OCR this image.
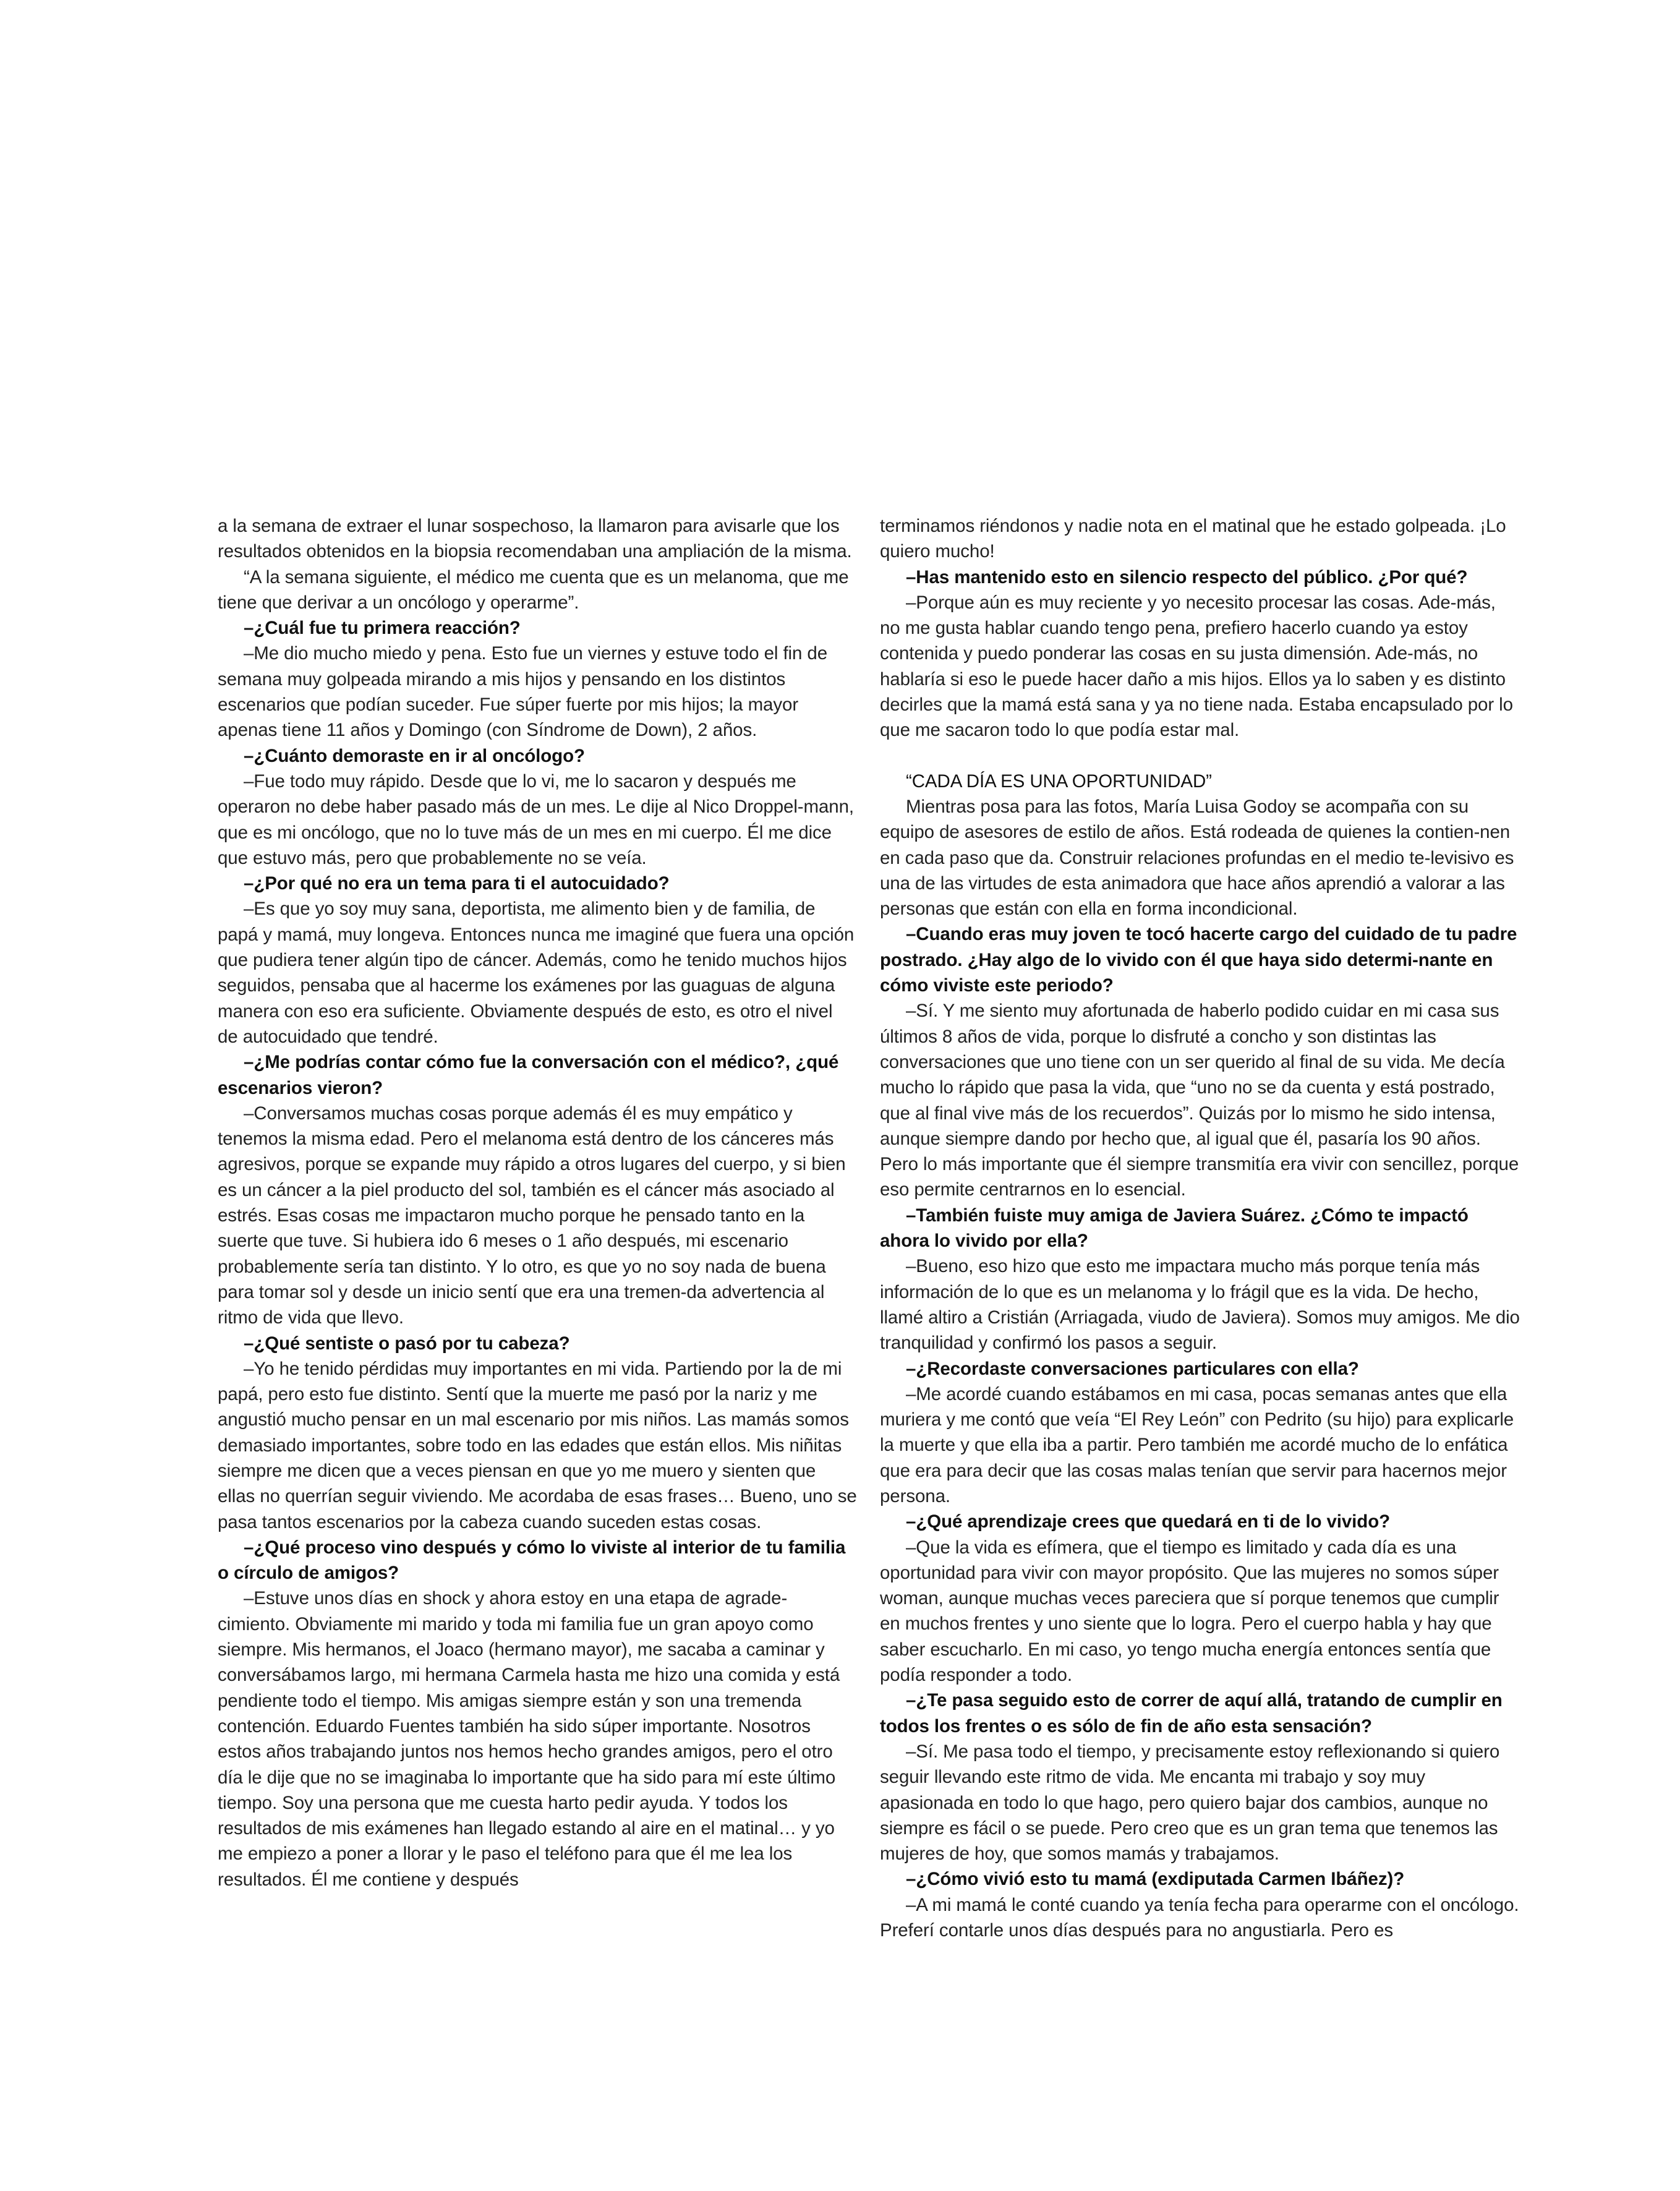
a la semana de extraer el lunar sospechoso, la llamaron para avisarle que los resultados obtenidos en la biopsia recomendaban una ampliación de la misma.

“A la semana siguiente, el médico me cuenta que es un melanoma, que me tiene que derivar a un oncólogo y operarme”.

–¿Cuál fue tu primera reacción?

–Me dio mucho miedo y pena. Esto fue un viernes y estuve todo el fin de semana muy golpeada mirando a mis hijos y pensando en los distintos escenarios que podían suceder. Fue súper fuerte por mis hijos; la mayor apenas tiene 11 años y Domingo (con Síndrome de Down), 2 años.

–¿Cuánto demoraste en ir al oncólogo?

–Fue todo muy rápido. Desde que lo vi, me lo sacaron y después me operaron no debe haber pasado más de un mes. Le dije al Nico Droppel-mann, que es mi oncólogo, que no lo tuve más de un mes en mi cuerpo. Él me dice que estuvo más, pero que probablemente no se veía.

–¿Por qué no era un tema para ti el autocuidado?

–Es que yo soy muy sana, deportista, me alimento bien y de familia, de papá y mamá, muy longeva. Entonces nunca me imaginé que fuera una opción que pudiera tener algún tipo de cáncer. Además, como he tenido muchos hijos seguidos, pensaba que al hacerme los exámenes por las guaguas de alguna manera con eso era suficiente. Obviamente después de esto, es otro el nivel de autocuidado que tendré.

–¿Me podrías contar cómo fue la conversación con el médico?, ¿qué escenarios vieron?

–Conversamos muchas cosas porque además él es muy empático y tenemos la misma edad. Pero el melanoma está dentro de los cánceres más agresivos, porque se expande muy rápido a otros lugares del cuerpo, y si bien es un cáncer a la piel producto del sol, también es el cáncer más asociado al estrés. Esas cosas me impactaron mucho porque he pensado tanto en la suerte que tuve. Si hubiera ido 6 meses o 1 año después, mi escenario probablemente sería tan distinto. Y lo otro, es que yo no soy nada de buena para tomar sol y desde un inicio sentí que era una tremen-da advertencia al ritmo de vida que llevo.

–¿Qué sentiste o pasó por tu cabeza?

–Yo he tenido pérdidas muy importantes en mi vida. Partiendo por la de mi papá, pero esto fue distinto. Sentí que la muerte me pasó por la nariz y me angustió mucho pensar en un mal escenario por mis niños. Las mamás somos demasiado importantes, sobre todo en las edades que están ellos. Mis niñitas siempre me dicen que a veces piensan en que yo me muero y sienten que ellas no querrían seguir viviendo. Me acordaba de esas frases… Bueno, uno se pasa tantos escenarios por la cabeza cuando suceden estas cosas.

–¿Qué proceso vino después y cómo lo viviste al interior de tu familia o círculo de amigos?

–Estuve unos días en shock y ahora estoy en una etapa de agrade-cimiento. Obviamente mi marido y toda mi familia fue un gran apoyo como siempre. Mis hermanos, el Joaco (hermano mayor), me sacaba a caminar y conversábamos largo, mi hermana Carmela hasta me hizo una comida y está pendiente todo el tiempo. Mis amigas siempre están y son una tremenda contención. Eduardo Fuentes también ha sido súper importante. Nosotros estos años trabajando juntos nos hemos hecho grandes amigos, pero el otro día le dije que no se imaginaba lo importante que ha sido para mí este último tiempo. Soy una persona que me cuesta harto pedir ayuda. Y todos los resultados de mis exámenes han llegado estando al aire en el matinal… y yo me empiezo a poner a llorar y le paso el teléfono para que él me lea los resultados. Él me contiene y después

terminamos riéndonos y nadie nota en el matinal que he estado golpeada. ¡Lo quiero mucho!

–Has mantenido esto en silencio respecto del público. ¿Por qué?

–Porque aún es muy reciente y yo necesito procesar las cosas. Ade-más, no me gusta hablar cuando tengo pena, prefiero hacerlo cuando ya estoy contenida y puedo ponderar las cosas en su justa dimensión. Ade-más, no hablaría si eso le puede hacer daño a mis hijos. Ellos ya lo saben y es distinto decirles que la mamá está sana y ya no tiene nada. Estaba encapsulado por lo que me sacaron todo lo que podía estar mal.

“CADA DÍA ES UNA OPORTUNIDAD”

Mientras posa para las fotos, María Luisa Godoy se acompaña con su equipo de asesores de estilo de años. Está rodeada de quienes la contien-nen en cada paso que da. Construir relaciones profundas en el medio te-levisivo es una de las virtudes de esta animadora que hace años aprendió a valorar a las personas que están con ella en forma incondicional.

–Cuando eras muy joven te tocó hacerte cargo del cuidado de tu padre postrado. ¿Hay algo de lo vivido con él que haya sido determi-nante en cómo viviste este periodo?

–Sí. Y me siento muy afortunada de haberlo podido cuidar en mi casa sus últimos 8 años de vida, porque lo disfruté a concho y son distintas las conversaciones que uno tiene con un ser querido al final de su vida. Me decía mucho lo rápido que pasa la vida, que “uno no se da cuenta y está postrado, que al final vive más de los recuerdos”. Quizás por lo mismo he sido intensa, aunque siempre dando por hecho que, al igual que él, pasaría los 90 años. Pero lo más importante que él siempre transmitía era vivir con sencillez, porque eso permite centrarnos en lo esencial.

–También fuiste muy amiga de Javiera Suárez. ¿Cómo te impactó ahora lo vivido por ella?

–Bueno, eso hizo que esto me impactara mucho más porque tenía más información de lo que es un melanoma y lo frágil que es la vida. De hecho, llamé altiro a Cristián (Arriagada, viudo de Javiera). Somos muy amigos. Me dio tranquilidad y confirmó los pasos a seguir.

–¿Recordaste conversaciones particulares con ella?

–Me acordé cuando estábamos en mi casa, pocas semanas antes que ella muriera y me contó que veía “El Rey León” con Pedrito (su hijo) para explicarle la muerte y que ella iba a partir. Pero también me acordé mucho de lo enfática que era para decir que las cosas malas tenían que servir para hacernos mejor persona.

–¿Qué aprendizaje crees que quedará en ti de lo vivido?

–Que la vida es efímera, que el tiempo es limitado y cada día es una oportunidad para vivir con mayor propósito. Que las mujeres no somos súper woman, aunque muchas veces pareciera que sí porque tenemos que cumplir en muchos frentes y uno siente que lo logra. Pero el cuerpo habla y hay que saber escucharlo. En mi caso, yo tengo mucha energía entonces sentía que podía responder a todo.

–¿Te pasa seguido esto de correr de aquí allá, tratando de cumplir en todos los frentes o es sólo de fin de año esta sensación?

–Sí. Me pasa todo el tiempo, y precisamente estoy reflexionando si quiero seguir llevando este ritmo de vida. Me encanta mi trabajo y soy muy apasionada en todo lo que hago, pero quiero bajar dos cambios, aunque no siempre es fácil o se puede. Pero creo que es un gran tema que tenemos las mujeres de hoy, que somos mamás y trabajamos.

–¿Cómo vivió esto tu mamá (exdiputada Carmen Ibáñez)?

–A mi mamá le conté cuando ya tenía fecha para operarme con el oncólogo. Preferí contarle unos días después para no angustiarla. Pero es
